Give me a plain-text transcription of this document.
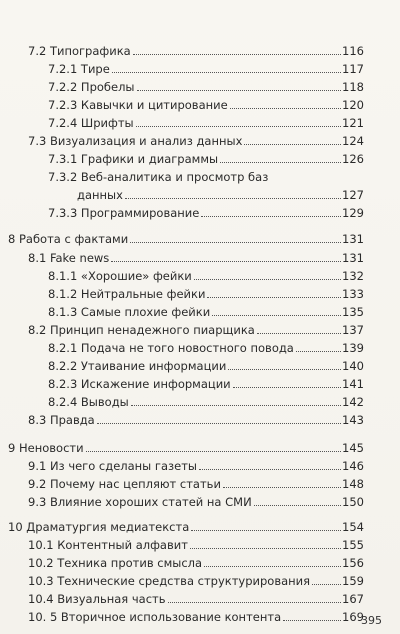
7.2 Типографика	116
7.2.1 Тире	117
7.2.2 Пробелы	118
7.2.3 Кавычки и цитирование	120
7.2.4 Шрифты	121
7.3 Визуализация и анализ данных	124
7.3.1 Графики и диаграммы	126
7.3.2 Веб-аналитика и просмотр баз
данных	127
7.3.3 Программирование	129
8 Работа с фактами	131
8.1 Fake news	131
8.1.1 «Хорошие» фейки	132
8.1.2 Нейтральные фейки	133
8.1.3 Самые плохие фейки	135
8.2 Принцип ненадежного пиарщика	137
8.2.1 Подача не того новостного повода	139
8.2.2 Утаивание информации	140
8.2.3 Искажение информации	141
8.2.4 Выводы	142
8.3 Правда	143
9 Неновости	145
9.1 Из чего сделаны газеты	146
9.2 Почему нас цепляют статьи	148
9.3 Влияние хороших статей на СМИ	150
10 Драматургия медиатекста	154
10.1 Контентный алфавит	155
10.2 Техника против смысла	156
10.3 Технические средства структурирования	159
10.4 Визуальная часть	167
10. 5 Вторичное использование контента	169
395
